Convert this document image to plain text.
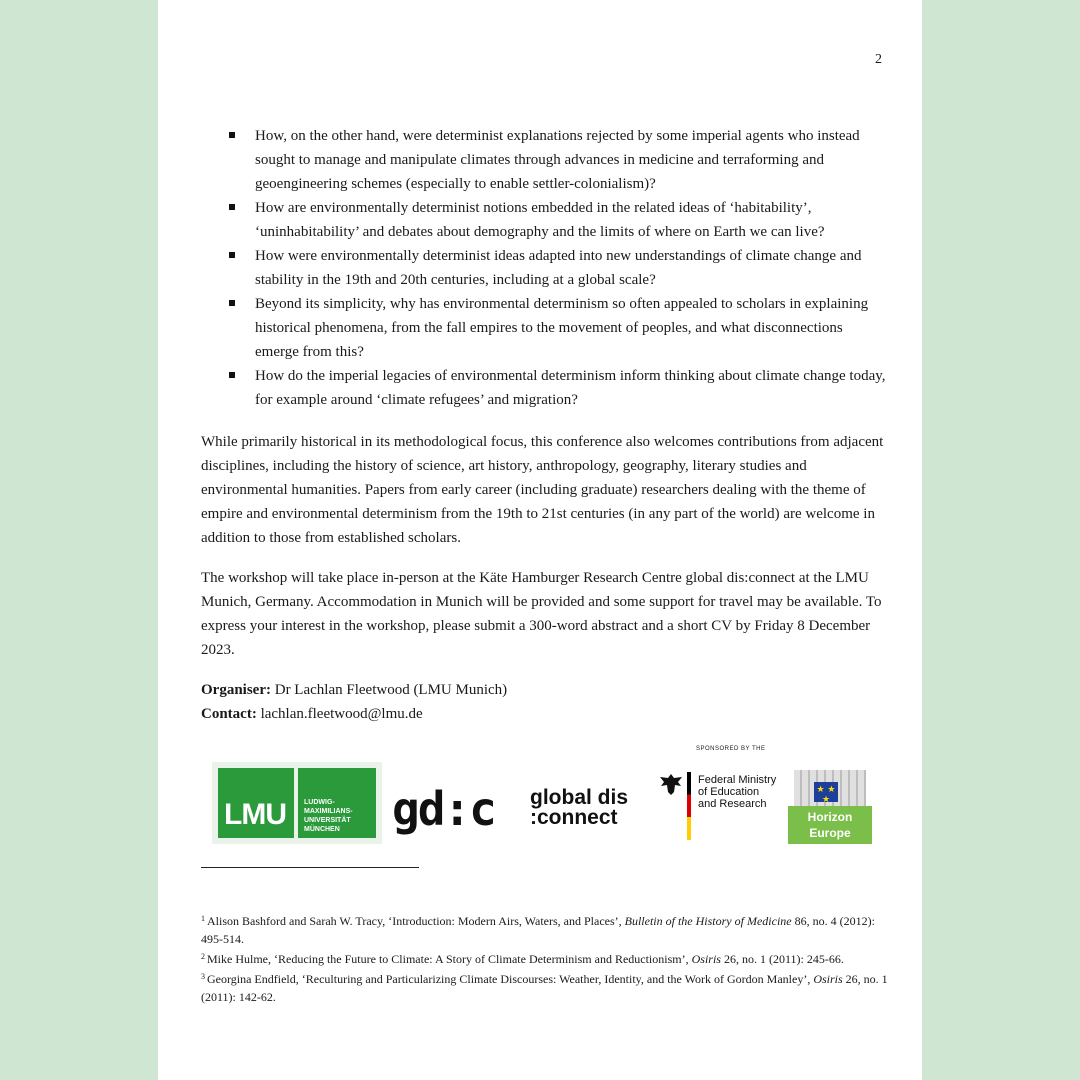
2
How, on the other hand, were determinist explanations rejected by some imperial agents who instead sought to manage and manipulate climates through advances in medicine and terraforming and geoengineering schemes (especially to enable settler-colonialism)?
How are environmentally determinist notions embedded in the related ideas of ‘habitability’, ‘uninhabitability’ and debates about demography and the limits of where on Earth we can live?
How were environmentally determinist ideas adapted into new understandings of climate change and stability in the 19th and 20th centuries, including at a global scale?
Beyond its simplicity, why has environmental determinism so often appealed to scholars in explaining historical phenomena, from the fall empires to the movement of peoples, and what disconnections emerge from this?
How do the imperial legacies of environmental determinism inform thinking about climate change today, for example around ‘climate refugees’ and migration?

While primarily historical in its methodological focus, this conference also welcomes contributions from adjacent disciplines, including the history of science, art history, anthropology, geography, literary studies and environmental humanities. Papers from early career (including graduate) researchers dealing with the theme of empire and environmental determinism from the 19th to 21st centuries (in any part of the world) are welcome in addition to those from established scholars.

The workshop will take place in-person at the Käte Hamburger Research Centre global dis:connect at the LMU Munich, Germany. Accommodation in Munich will be provided and some support for travel may be available. To express your interest in the workshop, please submit a 300-word abstract and a short CV by Friday 8 December 2023.

Organiser: Dr Lachlan Fleetwood (LMU Munich)
Contact: lachlan.fleetwood@lmu.de
LMU	LUDWIG-
MAXIMILIANS-
UNIVERSITÄT
MÜNCHEN	gd:c global dis
:connect
SPONSORED BY THE
Federal Ministry
of Education
and Research
★ ★ ★
Horizon
Europe

$^1$ Alison Bashford and Sarah W. Tracy, ‘Introduction: Modern Airs, Waters, and Places’, Bulletin of the History of Medicine 86, no. 4 (2012): 495-514.

$^2$ Mike Hulme, ‘Reducing the Future to Climate: A Story of Climate Determinism and Reductionism’, Osiris 26, no. 1 (2011): 245-66.

$^3$ Georgina Endfield, ‘Reculturing and Particularizing Climate Discourses: Weather, Identity, and the Work of Gordon Manley’, Osiris 26, no. 1 (2011): 142-62.
